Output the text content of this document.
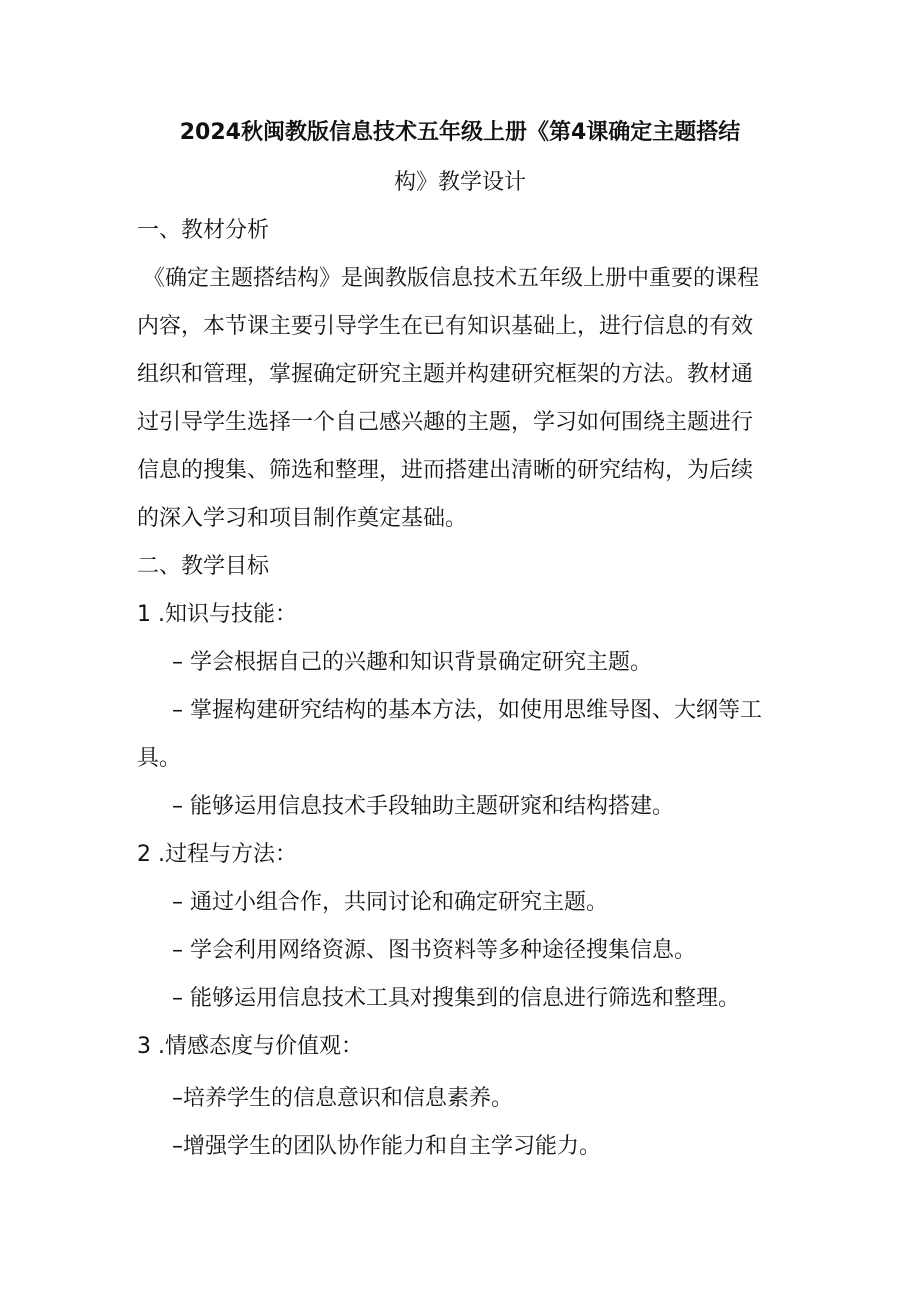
2024秋闽教版信息技术五年级上册《第4课确定主题搭结
构》教学设计
一、教材分析
《确定主题搭结构》是闽教版信息技术五年级上册中重要的课程
内容，本节课主要引导学生在已有知识基础上，进行信息的有效
组织和管理，掌握确定研究主题并构建研究框架的方法。教材通
过引导学生选择一个自己感兴趣的主题，学习如何围绕主题进行
信息的搜集、筛选和整理，进而搭建出清晰的研究结构，为后续
的深入学习和项目制作奠定基础。
二、教学目标
1 .知识与技能：
– 学会根据自己的兴趣和知识背景确定研究主题。
– 掌握构建研究结构的基本方法，如使用思维导图、大纲等工
具。
– 能够运用信息技术手段轴助主题研窕和结构搭建。
2 .过程与方法：
– 通过小组合作，共同讨论和确定研究主题。
– 学会利用网络资源、图书资料等多种途径搜集信息。
– 能够运用信息技术工具对搜集到的信息进行筛选和整理。
3 .情感态度与价值观：
–培养学生的信息意识和信息素养。
–增强学生的团队协作能力和自主学习能力。
